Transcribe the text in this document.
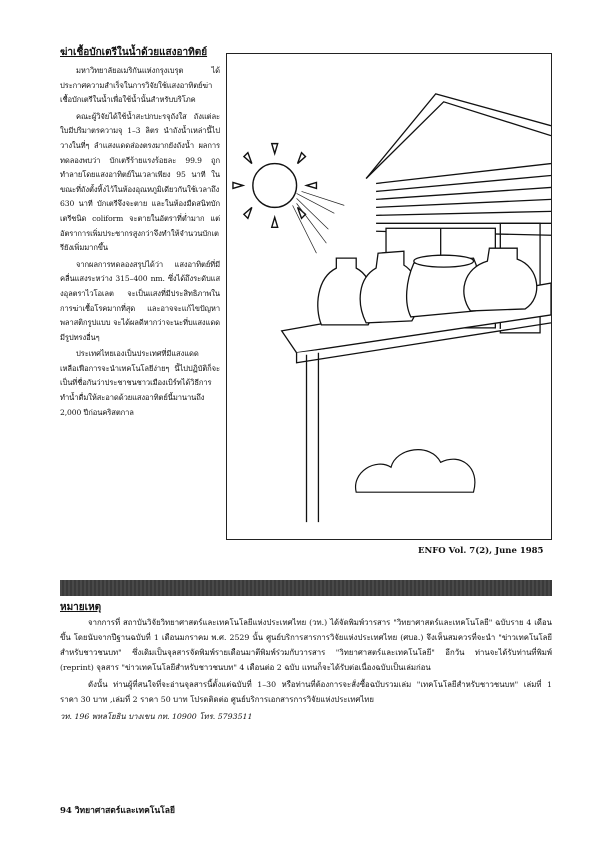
ฆ่าเชื้อบักเตรีในน้ำด้วยแสงอาทิตย์

มหาวิทยาลัยอเมริกันแห่งกรุงเบรุต ได้ประกาศความสำเร็จในการวิจัยใช้แสงอาทิตย์ฆ่าเชื้อบักเตรีในน้ำเพื่อใช้น้ำนั้นสำหรับบริโภค

คณะผู้วิจัยได้ใช้น้ำสะปกบะรจุถังใส ถังแต่ละใบมีปริมาตรความจุ 1–3 ลิตร นำถังน้ำเหล่านี้ไปวางในที่ๆ ลำแสงแดดส่องตรงมากยังถังน้ำ ผลการทดลองพบว่า บักเตรีร้ายแรงร้อยละ 99.9 ถูกทำลายโดยแสงอาทิตย์ในเวลาเพียง 95 นาที ในขณะที่ถังตั้งทิ้งไว้ในห้องอุณหภูมิเดียวกันใช้เวลาถึง 630 นาที บักเตรีจึงจะตาย และในห้องมืดสนิทบักเตรีชนิด coliform จะตายในอัตราที่ต่ำมาก แต่อัตราการเพิ่มประชากรสูงกว่าจึงทำให้จำนวนบักเตรียังเพิ่มมากขึ้น

จากผลการทดลองสรุปได้ว่า แสงอาทิตย์ที่มีคลื่นแสงระหว่าง 315–400 nm. ซึ่งได้ถึงระดับแสงอุลตราไวโอเลต จะเป็นแสงที่มีประสิทธิภาพในการฆ่าเชื้อโรคมากที่สุด และอาจจะแก้ไขปัญหาพลาสติกรูปแบบ จะได้ผลดีหากว่าจะนะที่บแสงแดดมีรูปทรงอื่นๆ

ประเทศไทยเองเป็นประเทศที่มีแสงแดดเหลือเฟือการจะนำเทคโนโลยีง่ายๆ นี้ไปปฏิบัติก็จะเป็นที่ชื่อกันว่าประชาชนชาวเมืองเบิร์ทได้วิธีการทำน้ำดื่มให้สะอาดด้วยแสงอาทิตย์นี้มานานถึง 2,000 ปีก่อนคริสตกาล

ENFO Vol. 7(2), June 1985
หมายเหตุ

จากการที่ สถาบันวิจัยวิทยาศาสตร์และเทคโนโลยีแห่งประเทศไทย (วท.) ได้จัดพิมพ์วารสาร "วิทยาศาสตร์และเทคโนโลยี" ฉบับราย 4 เดือนขึ้น โดยนับจากปีฐานฉบับที่ 1 เดือนมกราคม พ.ศ. 2529 นั้น ศูนย์บริการสารการวิจัยแห่งประเทศไทย (ศบอ.) จึงเห็นสมควรที่จะนำ "ข่าวเทคโนโลยีสำหรับชาวชนบท" ซึ่งเดิมเป็นจุลสารจัดพิมพ์รายเดือนมาตีพิมพ์ร่วมกับวารสาร "วิทยาศาสตร์และเทคโนโลยี" อีกวัน ท่านจะได้รับท่านที่พิมพ์ (reprint) จุลสาร "ข่าวเทคโนโลยีสำหรับชาวชนบท" 4 เดือนต่อ 2 ฉบับ แทนก็จะได้รับต่อเนื่องฉบับเป็นเล่มก่อน

ดังนั้น ท่านผู้ที่สนใจที่จะอ่านจุลสารนี้ตั้งแต่ฉบับที่ 1–30 หรือท่านที่ต้องการจะสั่งซื้อฉบับรวมเล่ม "เทคโนโลยีสำหรับชาวชนบท" เล่มที่ 1 ราคา 30 บาท ,เล่มที่ 2 ราคา 50 บาท โปรดติดต่อ ศูนย์บริการเอกสารการวิจัยแห่งประเทศไทย

วท. 196 พหลโยธิน บางเขน กท. 10900 โทร. 5793511

94 วิทยาศาสตร์และเทคโนโลยี
